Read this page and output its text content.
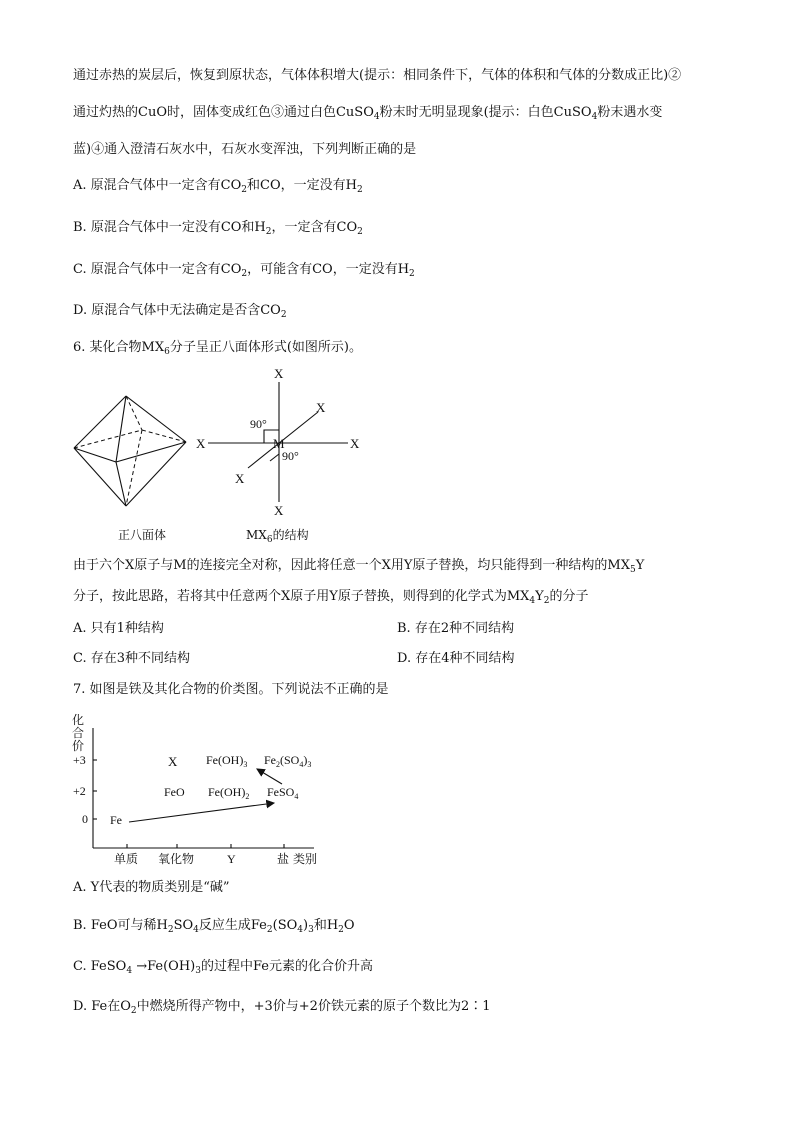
通过赤热的炭层后，恢复到原状态，气体体积增大(提示：相同条件下，气体的体积和气体的分数成正比)②
通过灼热的CuO时，固体变成红色③通过白色CuSO$_4$粉末时无明显现象(提示：白色CuSO$_4$粉末遇水变
蓝)④通入澄清石灰水中，石灰水变浑浊，下列判断正确的是
A. 原混合气体中一定含有$CO_2$和CO，一定没有$H_2$
B. 原混合气体中一定没有CO和$H_2$，一定含有$CO_2$
C. 原混合气体中一定含有$CO_2$，可能含有CO，一定没有$H_2$
D. 原混合气体中无法确定是否含$CO_2$
6. 某化合物$MX_6$分子呈正八面体形式(如图所示)。
正八面体
X
X
X	X
X
X
M
90°
90°
$MX_6$的结构
由于六个X原子与M的连接完全对称，因此将任意一个X用Y原子替换，均只能得到一种结构的$MX_5Y$
分子，按此思路，若将其中任意两个X原子用Y原子替换，则得到的化学式为$MX_4Y_2$的分子
A. 只有1种结构	B. 存在2种不同结构
C. 存在3种不同结构	D. 存在4种不同结构
7. 如图是铁及其化合物的价类图。下列说法不正确的是
化
合
价
+3
+2
0
单质 氧化物	Y	盐 类别
X $Fe(OH)_3$ $Fe_2(SO_4)_3$
FeO $Fe(OH)_2$ FeSO$_4$
Fe
A. Y代表的物质类别是“碱”
B. FeO可与稀$H_2SO_4$反应生成$Fe_2(SO_4)_3$和$H_2O$
C. FeSO$_4$ $\to Fe(OH)_3$的过程中Fe元素的化合价升高
D. Fe在$O_2$中燃烧所得产物中，+3价与+2价铁元素的原子个数比为2∶1
